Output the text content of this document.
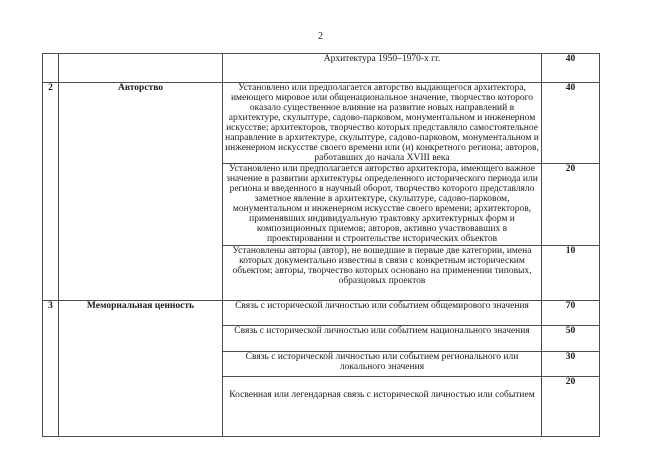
2
		Архитектура 1950–1970-х гг.	40
2	Авторство	Установлено или предполагается авторство выдающегося архитектора, имеющего мировое или общенациональное значение, творчество которого оказало существенное влияние на развитие новых направлений в архитектуре, скульптуре, садово-парковом, монументальном и инженерном искусстве; архитекторов, творчество которых представляло самостоятельное направление в архитектуре, скульптуре, садово-парковом, монументальном и инженерном искусстве своего времени или (и) конкретного региона; авторов, работавших до начала XVIII века	40
		Установлено или предполагается авторство архитектора, имеющего важное значение в развитии архитектуры определенного исторического периода или региона и введенного в научный оборот, творчество которого представляло заметное явление в архитектуре, скульптуре, садово-парковом, монументальном и инженерном искусстве своего времени; архитекторов, применявших индивидуальную трактовку архитектурных форм и композиционных приемов; авторов, активно участвовавших в проектировании и строительстве исторических объектов	20
		Установлены авторы (автор), не вошедшие в первые две категории, имена которых документально известны в связи с конкретным историческим объектом; авторы, творчество которых основано на применении типовых, образцовых проектов	10
3	Мемориальная ценность	Связь с исторической личностью или событием общемирового значения	70
		Связь с исторической личностью или событием национального значения	50
		Связь с исторической личностью или событием регионального или локального значения	30
		Косвенная или легендарная связь с исторической личностью или событием	20
